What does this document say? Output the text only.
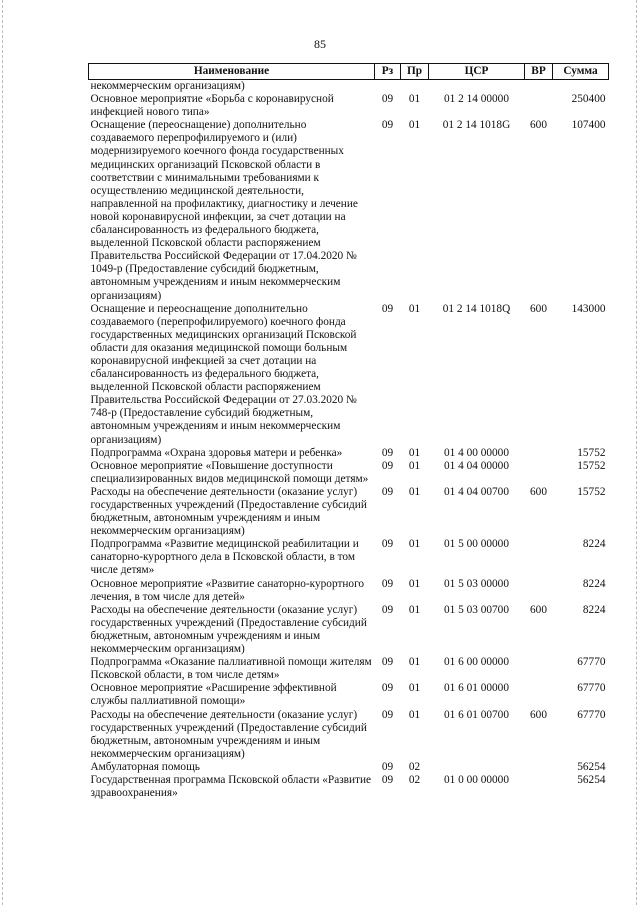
85
Наименование	Рз	Пр	ЦСР	ВР	Сумма
некоммерческим организациям)					
Основное мероприятие «Борьба с коронавирусной инфекцией нового типа»	09	01	01 2 14 00000		250400
Оснащение (переоснащение) дополнительно создаваемого перепрофилируемого и (или) модернизируемого коечного фонда государственных медицинских организаций Псковской области в соответствии с минимальными требованиями к осуществлению медицинской деятельности, направленной на профилактику, диагностику и лечение новой коронавирусной инфекции, за счет дотации на сбалансированность из федерального бюджета, выделенной Псковской области распоряжением Правительства Российской Федерации от 17.04.2020 № 1049-р (Предоставление субсидий бюджетным, автономным учреждениям и иным некоммерческим организациям)	09	01	01 2 14 1018G	600	107400
Оснащение и переоснащение дополнительно создаваемого (перепрофилируемого) коечного фонда государственных медицинских организаций Псковской области для оказания медицинской помощи больным коронавирусной инфекцией за счет дотации на сбалансированность из федерального бюджета, выделенной Псковской области распоряжением Правительства Российской Федерации от 27.03.2020 № 748-р (Предоставление субсидий бюджетным, автономным учреждениям и иным некоммерческим организациям)	09	01	01 2 14 1018Q	600	143000
Подпрограмма «Охрана здоровья матери и ребенка»	09	01	01 4 00 00000		15752
Основное мероприятие «Повышение доступности специализированных видов медицинской помощи детям»	09	01	01 4 04 00000		15752
Расходы на обеспечение деятельности (оказание услуг) государственных учреждений (Предоставление субсидий бюджетным, автономным учреждениям и иным некоммерческим организациям)	09	01	01 4 04 00700	600	15752
Подпрограмма «Развитие медицинской реабилитации и санаторно-курортного дела в Псковской области, в том числе детям»	09	01	01 5 00 00000		8224
Основное мероприятие «Развитие санаторно-курортного лечения, в том числе для детей»	09	01	01 5 03 00000		8224
Расходы на обеспечение деятельности (оказание услуг) государственных учреждений (Предоставление субсидий бюджетным, автономным учреждениям и иным некоммерческим организациям)	09	01	01 5 03 00700	600	8224
Подпрограмма «Оказание паллиативной помощи жителям Псковской области, в том числе детям»	09	01	01 6 00 00000		67770
Основное мероприятие «Расширение эффективной службы паллиативной помощи»	09	01	01 6 01 00000		67770
Расходы на обеспечение деятельности (оказание услуг) государственных учреждений (Предоставление субсидий бюджетным, автономным учреждениям и иным некоммерческим организациям)	09	01	01 6 01 00700	600	67770
Амбулаторная помощь	09	02			56254
Государственная программа Псковской области «Развитие здравоохранения»	09	02	01 0 00 00000		56254
